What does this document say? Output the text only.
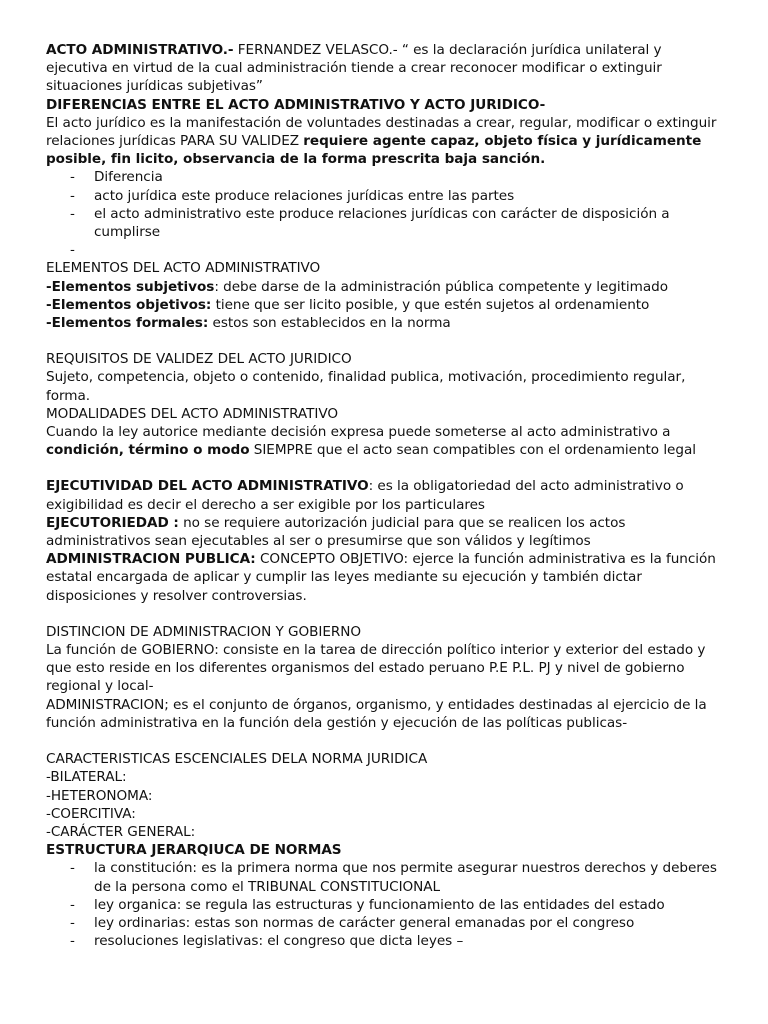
ACTO ADMINISTRATIVO.- FERNANDEZ VELASCO.- “ es la declaración jurídica unilateral y ejecutiva en virtud de la cual administración tiende a crear reconocer modificar o extinguir situaciones jurídicas subjetivas”

DIFERENCIAS ENTRE EL ACTO ADMINISTRATIVO Y ACTO JURIDICO-

El acto jurídico es la manifestación de voluntades destinadas a crear, regular, modificar o extinguir relaciones jurídicas PARA SU VALIDEZ requiere agente capaz, objeto física y jurídicamente posible, fin licito, observancia de la forma prescrita baja sanción.

- Diferencia
- acto jurídica este produce relaciones jurídicas entre las partes
- el acto administrativo este produce relaciones jurídicas con carácter de disposición a cumplirse
-

ELEMENTOS DEL ACTO ADMINISTRATIVO

-Elementos subjetivos: debe darse de la administración pública competente y legitimado

-Elementos objetivos: tiene que ser licito posible, y que estén sujetos al ordenamiento

-Elementos formales: estos son establecidos en la norma

REQUISITOS DE VALIDEZ DEL ACTO JURIDICO

Sujeto, competencia, objeto o contenido, finalidad publica, motivación, procedimiento regular, forma.

MODALIDADES DEL ACTO ADMINISTRATIVO

Cuando la ley autorice mediante decisión expresa puede someterse al acto administrativo a condición, término o modo SIEMPRE que el acto sean compatibles con el ordenamiento legal

EJECUTIVIDAD DEL ACTO ADMINISTRATIVO: es la obligatoriedad del acto administrativo o exigibilidad es decir el derecho a ser exigible por los particulares

EJECUTORIEDAD : no se requiere autorización judicial para que se realicen los actos administrativos sean ejecutables al ser o presumirse que son válidos y legítimos

ADMINISTRACION PUBLICA: CONCEPTO OBJETIVO: ejerce la función administrativa es la función estatal encargada de aplicar y cumplir las leyes mediante su ejecución y también dictar disposiciones y resolver controversias.

DISTINCION DE ADMINISTRACION Y GOBIERNO

La función de GOBIERNO: consiste en la tarea de dirección político interior y exterior del estado y que esto reside en los diferentes organismos del estado peruano P.E P.L. PJ y nivel de gobierno regional y local-

ADMINISTRACION; es el conjunto de órganos, organismo, y entidades destinadas al ejercicio de la función administrativa en la función dela gestión y ejecución de las políticas publicas-

CARACTERISTICAS ESCENCIALES DELA NORMA JURIDICA

-BILATERAL:

-HETERONOMA:

-COERCITIVA:

-CARÁCTER GENERAL:

ESTRUCTURA JERARQIUCA DE NORMAS

- la constitución: es la primera norma que nos permite asegurar nuestros derechos y deberes de la persona como el TRIBUNAL CONSTITUCIONAL
- ley organica: se regula las estructuras y funcionamiento de las entidades del estado
- ley ordinarias: estas son normas de carácter general emanadas por el congreso
- resoluciones legislativas: el congreso que dicta leyes –
